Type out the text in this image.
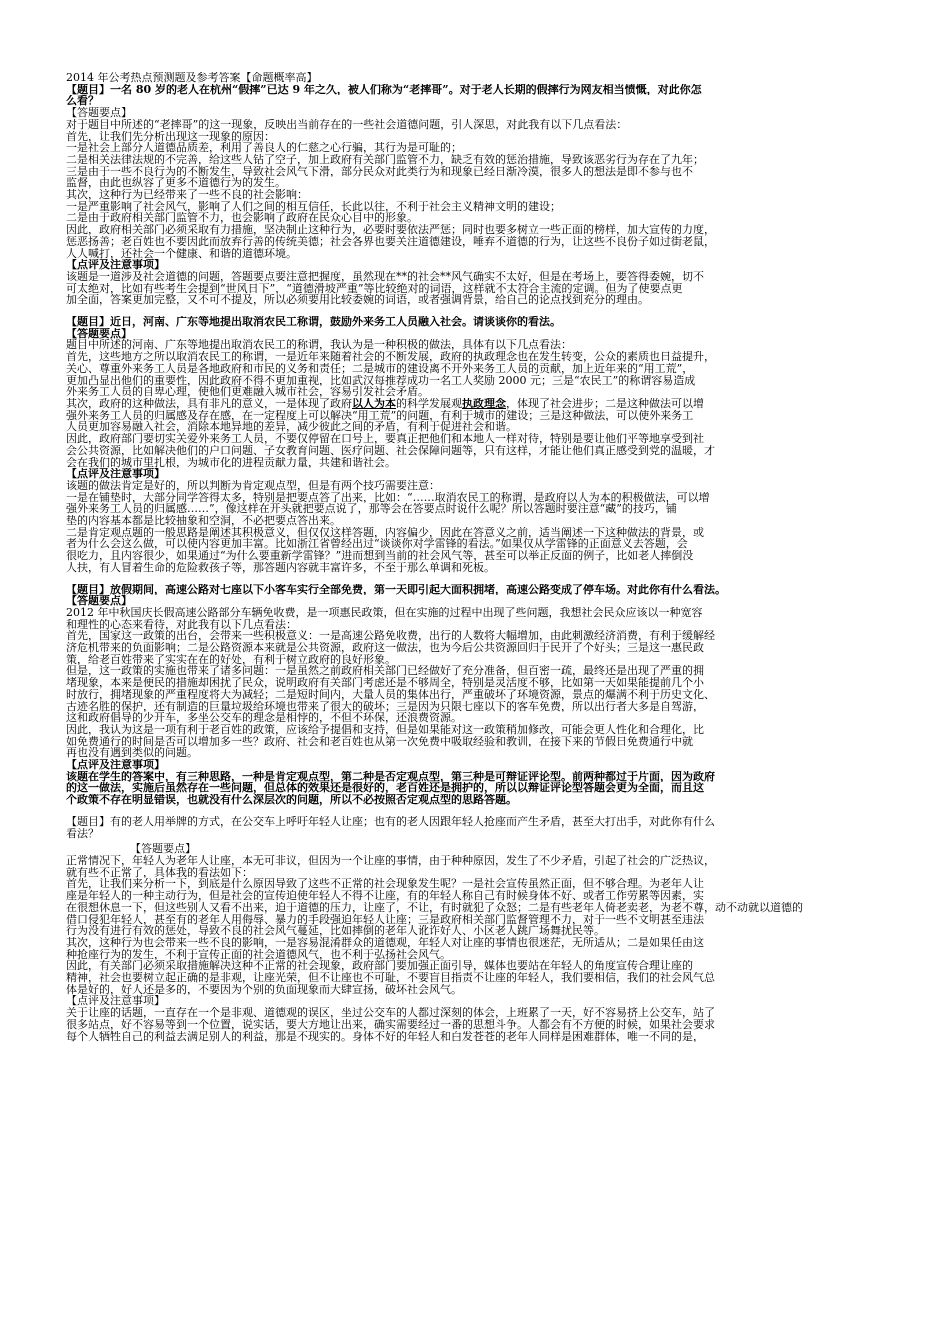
2014 年公考热点预测题及参考答案【命题概率高】
【题目】一名 80 岁的老人在杭州“假摔”已达 9 年之久，被人们称为“老摔哥”。对于老人长期的假摔行为网友相当愤慨，对此你怎
么看？
【答题要点】
对于题目中所述的“老摔哥”的这一现象，反映出当前存在的一些社会道德问题，引人深思，对此我有以下几点看法：
首先，让我们先分析出现这一现象的原因：
一是社会上部分人道德品质差，利用了善良人的仁慈之心行骗，其行为是可耻的；
二是相关法律法规的不完善，给这些人钻了空子，加上政府有关部门监管不力，缺乏有效的惩治措施，导致该恶劣行为存在了九年；
三是由于一些不良行为的不断发生，导致社会风气下滑，部分民众对此类行为和现象已经日渐冷漠，很多人的想法是即不参与也不
监督，由此也纵容了更多不道德行为的发生。
其次，这种行为已经带来了一些不良的社会影响：
一是严重影响了社会风气，影响了人们之间的相互信任，长此以往，不利于社会主义精神文明的建设；
二是由于政府相关部门监管不力，也会影响了政府在民众心目中的形象。
因此，政府相关部门必须采取有力措施，坚决制止这种行为，必要时要依法严惩；同时也要多树立一些正面的榜样，加大宣传的力度，
惩恶扬善；老百姓也不要因此而放弃行善的传统美德；社会各界也要关注道德建设，唾弃不道德的行为，让这些不良份子如过街老鼠，
人人喊打，还社会一个健康、和谐的道德环境。
【点评及注意事项】
该题是一道涉及社会道德的问题，答题要点要注意把握度，虽然现在**的社会**风气确实不太好，但是在考场上，要答得委婉，切不
可太绝对，比如有些考生会提到“世风日下”，“道德滑坡严重”等比较绝对的词语，这样就不太符合主流的定调。但为了使要点更
加全面，答案更加完整，又不可不提及，所以必须要用比较委婉的词语，或者强调背景，给自己的论点找到充分的理由。
【题目】近日，河南、广东等地提出取消农民工称谓，鼓励外来务工人员融入社会。请谈谈你的看法。
【答题要点】
题目中所述的河南、广东等地提出取消农民工的称谓，我认为是一种积极的做法，具体有以下几点看法：
首先，这些地方之所以取消农民工的称谓，一是近年来随着社会的不断发展，政府的执政理念也在发生转变，公众的素质也日益提升，
关心、尊重外来务工人员是各地政府和市民的义务和责任；二是城市的建设离不开外来务工人员的贡献，加上近年来的“用工荒”，
更加凸显出他们的重要性，因此政府不得不更加重视，比如武汉每推荐成功一名工人奖励 2000 元；三是“农民工”的称谓容易造成
外来务工人员的自卑心理，使他们更难融入城市社会，容易引发社会矛盾。
其次，政府的这种做法，具有非凡的意义，一是体现了政府以人为本的科学发展观执政理念，体现了社会进步；二是这种做法可以增
强外来务工人员的归属感及存在感，在一定程度上可以解决“用工荒”的问题，有利于城市的建设；三是这种做法，可以使外来务工
人员更加容易融入社会，消除本地异地的差异，减少彼此之间的矛盾，有利于促进社会和谐。
因此，政府部门要切实关爱外来务工人员，不要仅停留在口号上，要真正把他们和本地人一样对待，特别是要让他们平等地享受到社
会公共资源，比如解决他们的户口问题、子女教育问题、医疗问题、社会保障问题等，只有这样，才能让他们真正感受到党的温暖，才
会在我们的城市里扎根，为城市化的进程贡献力量，共建和谐社会。
【点评及注意事项】
该题的做法肯定是好的，所以判断为肯定观点型，但是有两个技巧需要注意：
一是在铺垫时，大部分同学答得太多，特别是把要点答了出来，比如：“……取消农民工的称谓，是政府以人为本的积极做法，可以增
强外来务工人员的归属感……”，像这样在开头就把要点说了，那等会在答要点时说什么呢？所以答题时要注意“藏”的技巧，铺
垫的内容基本都是比较抽象和空洞，不必把要点答出来。
二是肯定观点题的一般思路是阐述其积极意义，但仅仅这样答题，内容偏少，因此在答意义之前，适当阐述一下这种做法的背景，或
者为什么会这么做，可以使内容更加丰富。比如浙江省曾经出过“谈谈你对学雷锋的看法。”如果仅从学雷锋的正面意义去答题，会
很吃力，且内容很少，如果通过“为什么要重新学雷锋？”进而想到当前的社会风气等，甚至可以举正反面的例子，比如老人摔倒没
人扶，有人冒着生命的危险救孩子等，那答题内容就丰富许多，不至于那么单调和死板。
【题目】放假期间，高速公路对七座以下小客车实行全部免费，第一天即引起大面积拥堵，高速公路变成了停车场。对此你有什么看法。
【答题要点】
2012 年中秋国庆长假高速公路部分车辆免收费，是一项惠民政策，但在实施的过程中出现了些问题，我想社会民众应该以一种宽容
和理性的心态来看待，对此我有以下几点看法：
首先，国家这一政策的出台，会带来一些积极意义：一是高速公路免收费，出行的人数将大幅增加，由此刺激经济消费，有利于缓解经
济危机带来的负面影响；二是公路资源本来就是公共资源，政府这一做法，也为今后公共资源回归于民开了个好头；三是这一惠民政
策，给老百姓带来了实实在在的好处，有利于树立政府的良好形象。
但是，这一政策的实施也带来了诸多问题：一是虽然之前政府相关部门已经做好了充分准备，但百密一疏，最终还是出现了严重的拥
堵现象，本来是便民的措施却困扰了民众，说明政府有关部门考虑还是不够周全，特别是灵活度不够，比如第一天如果能提前几个小
时放行，拥堵现象的严重程度将大为减轻；二是短时间内，大量人员的集体出行，严重破坏了环境资源，景点的爆满不利于历史文化、
古迹名胜的保护，还有制造的巨量垃圾给环境也带来了很大的破坏；三是因为只限七座以下的客车免费，所以出行者大多是自驾游，
这和政府倡导的少开车，多坐公交车的理念是相悖的，不但不环保，还浪费资源。
因此，我认为这是一项有利于老百姓的政策，应该给予提倡和支持，但是如果能对这一政策稍加修改，可能会更人性化和合理化，比
如免费通行的时间是否可以增加多一些？政府、社会和老百姓也从第一次免费中吸取经验和教训，在接下来的节假日免费通行中就
再也没有遇到类似的问题。
【点评及注意事项】
该题在学生的答案中，有三种思路，一种是肯定观点型，第二种是否定观点型，第三种是可辩证评论型。前两种都过于片面，因为政府
的这一做法，实施后虽然存在一些问题，但总体的效果还是很好的，老百姓还是拥护的，所以以辩证评论型答题会更为全面，而且这
个政策不存在明显错误，也就没有什么深层次的问题，所以不必按照否定观点型的思路答题。
【题目】有的老人用举牌的方式，在公交车上呼吁年轻人让座；也有的老人因跟年轻人抢座而产生矛盾，甚至大打出手，对此你有什么
看法？
【答题要点】
正常情况下，年轻人为老年人让座，本无可非议，但因为一个让座的事情，由于种种原因，发生了不少矛盾，引起了社会的广泛热议，
就有些不正常了，具体我的看法如下：
首先，让我们来分析一下，到底是什么原因导致了这些不正常的社会现象发生呢？一是社会宣传虽然正面，但不够合理。为老年人让
座是年轻人的一种主动行为，但是社会的宣传迫使年轻人不得不让座，有的年轻人称自己有时候身体不好、或者工作劳累等因素，实
在很想休息一下，但这些别人又看不出来，迫于道德的压力，让座了，不让，有时就犯了众怒；二是有些老年人倚老卖老，为老不尊，动不动就以道德的
借口侵犯年轻人，甚至有的老年人用侮辱、暴力的手段强迫年轻人让座；三是政府相关部门监督管理不力，对于一些不文明甚至违法
行为没有进行有效的惩处，导致不良的社会风气蔓延，比如摔倒的老年人讹诈好人、小区老人跳广场舞扰民等。
其次，这种行为也会带来一些不良的影响，一是容易混淆群众的道德观，年轻人对让座的事情也很迷茫，无所适从；二是如果任由这
种抢座行为的发生，不利于宣传正面的社会道德风气，也不利于弘扬社会风气。
因此，有关部门必须采取措施解决这种不正常的社会现象，政府部门要加强正面引导，媒体也要站在年轻人的角度宣传合理让座的
精神，社会也要树立起正确的是非观，让座光荣，但不让座也不可耻，不要盲目指责不让座的年轻人，我们要相信，我们的社会风气总
体是好的，好人还是多的，不要因为个别的负面现象而大肆宣扬，破坏社会风气。
【点评及注意事项】
关于让座的话题，一直存在一个是非观、道德观的误区，坐过公交车的人都过深刻的体会，上班累了一天，好不容易挤上公交车，站了
很多站点，好不容易等到一个位置，说实话，要大方地让出来，确实需要经过一番的思想斗争。人都会有不方便的时候，如果社会要求
每个人牺牲自己的利益去满足别人的利益，那是不现实的。身体不好的年轻人和白发苍苍的老年人同样是困难群体，唯一不同的是，
